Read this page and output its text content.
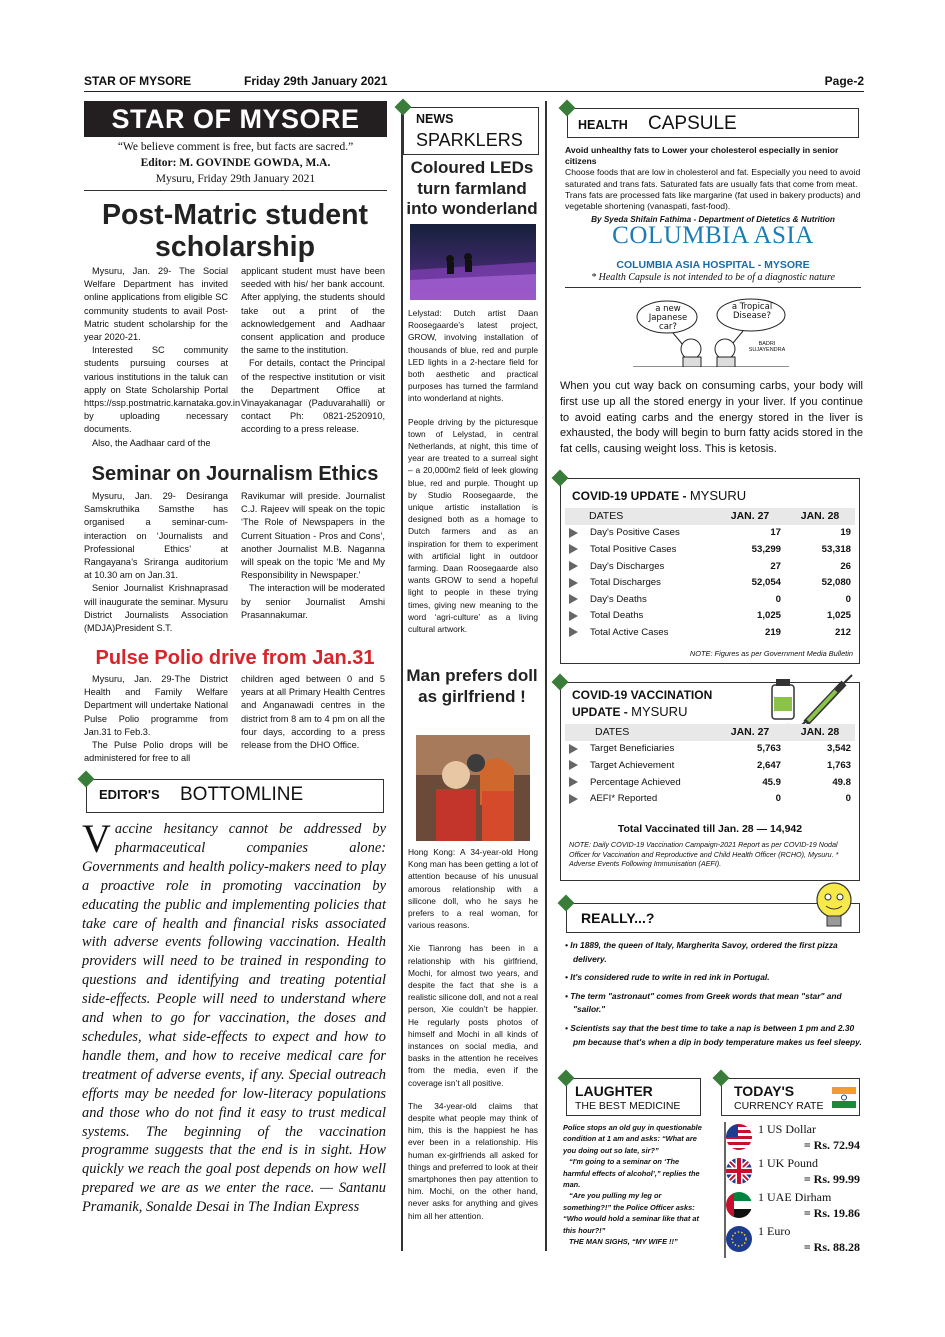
STAR OF MYSORE	Friday 29th January 2021	Page-2
STAR OF MYSORE
“We believe comment is free, but facts are sacred.”
Editor: M. GOVINDE GOWDA, M.A.
Mysuru, Friday 29th January 2021
Post-Matric student
scholarship

Mysuru, Jan. 29- The Social Welfare Department has invited online applications from eligible SC community students to avail Post-Matric student scholarship for the year 2020-21.

Interested SC community students pursuing courses at various institutions in the taluk can apply on State Scholarship Portal https://ssp.postmatric.karnataka.gov.in by uploading necessary documents.

Also, the Aadhaar card of the

applicant student must have been seeded with his/ her bank account. After applying, the students should take out a print of the acknowledgement and Aadhaar consent application and produce the same to the institution.

For details, contact the Principal of the respective institution or visit the Department Office at Vinayakanagar (Paduvarahalli) or contact Ph: 0821-2520910, according to a press release.

Seminar on Journalism Ethics

Mysuru, Jan. 29- Desiranga Samskruthika Samsthe has organised a seminar-cum-interaction on ‘Journalists and Professional Ethics’ at Rangayana’s Sriranga auditorium at 10.30 am on Jan.31.

Senior Journalist Krishnaprasad will inaugurate the seminar. Mysuru District Journalists Association (MDJA)President S.T.

Ravikumar will preside. Journalist C.J. Rajeev will speak on the topic ‘The Role of Newspapers in the Current Situation - Pros and Cons’, another Journalist M.B. Naganna will speak on the topic ‘Me and My Responsibility in Newspaper.’

The interaction will be moderated by senior Journalist Amshi Prasannakumar.

Pulse Polio drive from Jan.31

Mysuru, Jan. 29-The District Health and Family Welfare Department will undertake National Pulse Polio programme from Jan.31 to Feb.3.

The Pulse Polio drops will be administered for free to all

children aged between 0 and 5 years at all Primary Health Centres and Anganawadi centres in the district from 8 am to 4 pm on all the four days, according to a press release from the DHO Office.

EDITOR'S BOTTOMLINE
Vaccine hesitancy cannot be addressed by pharmaceutical companies alone: Governments and health policy-makers need to play a proactive role in promoting vaccination by educating the public and implementing policies that take care of health and financial risks associated with adverse events following vaccination. Health providers will need to be trained in responding to questions and identifying and treating potential side-effects. People will need to understand where and when to go for vaccination, the doses and schedules, what side-effects to expect and how to handle them, and how to receive medical care for treatment of adverse events, if any. Special outreach efforts may be needed for low-literacy populations and those who do not find it easy to trust medical systems. The beginning of the vaccination programme suggests that the end is in sight. How quickly we reach the goal post depends on how well prepared we are as we enter the race. — Santanu Pramanik, Sonalde Desai in The Indian Express
NEWS
SPARKLERS
Coloured LEDs turn farmland into wonderland

Lelystad: Dutch artist Daan Roosegaarde’s latest project, GROW, involving installation of thousands of blue, red and purple LED lights in a 2-hectare field for both aesthetic and practical purposes has turned the farmland into wonderland at nights.

People driving by the picturesque town of Lelystad, in central Netherlands, at night, this time of year are treated to a surreal sight – a 20,000m2 field of leek glowing blue, red and purple. Thought up by Studio Roosegaarde, the unique artistic installation is designed both as a homage to Dutch farmers and as an inspiration for them to experiment with artificial light in outdoor farming. Daan Roosegaarde also wants GROW to send a hopeful light to people in these trying times, giving new meaning to the word ‘agri-culture’ as a living cultural artwork.

Man prefers doll as girlfriend !

Hong Kong: A 34-year-old Hong Kong man has been getting a lot of attention because of his unusual amorous relationship with a silicone doll, who he says he prefers to a real woman, for various reasons.

Xie Tianrong has been in a relationship with his girlfriend, Mochi, for almost two years, and despite the fact that she is a realistic silicone doll, and not a real person, Xie couldn’t be happier. He regularly posts photos of himself and Mochi in all kinds of instances on social media, and basks in the attention he receives from the media, even if the coverage isn’t all positive.

The 34-year-old claims that despite what people may think of him, this is the happiest he has ever been in a relationship. His human ex-girlfriends all asked for things and preferred to look at their smartphones then pay attention to him. Mochi, on the other hand, never asks for anything and gives him all her attention.

HEALTH CAPSULE

Avoid unhealthy fats to Lower your cholesterol especially in senior citizens

Choose foods that are low in cholesterol and fat. Especially you need to avoid saturated and trans fats. Saturated fats are usually fats that come from meat. Trans fats are processed fats like margarine (fat used in bakery products) and vegetable shortening (vanaspati, fast-food).

By Syeda Shifain Fathima - Department of Dietetics & Nutrition

COLUMBIA ASIA
COLUMBIA ASIA HOSPITAL - MYSORE
* Health Capsule is not intended to be of a diagnostic nature
a new Japanese car?
a Tropical Disease?
BADRI SUJAYENDRA
When you cut way back on consuming carbs, your body will first use up all the stored energy in your liver. If you continue to avoid eating carbs and the energy stored in the liver is exhausted, the body will begin to burn fatty acids stored in the fat cells, causing weight loss. This is ketosis.
COVID-19 UPDATE - MYSURU
DATES	JAN. 27	JAN. 28
Day's Positive Cases	17	19
Total Positive Cases	53,299	53,318
Day's Discharges	27	26
Total Discharges	52,054	52,080
Day's Deaths	0	0
Total Deaths	1,025	1,025
Total Active Cases	219	212
NOTE: Figures as per Government Media Bulletin
COVID-19 VACCINATION
UPDATE - MYSURU
DATES	JAN. 27	JAN. 28
Target Beneficiaries	5,763	3,542
Target Achievement	2,647	1,763
Percentage Achieved	45.9	49.8
AEFI* Reported	0	0
Total Vaccinated till Jan. 28 — 14,942
NOTE: Daily COVID-19 Vaccination Campaign-2021 Report as per COVID-19 Nodal Officer for Vaccination and Reproductive and Child Health Officer (RCHO), Mysuru. * Adverse Events Following Immunisation (AEFI).
REALLY...?
• In 1889, the queen of Italy, Margherita Savoy, ordered the first pizza delivery.
• It's considered rude to write in red ink in Portugal.
• The term "astronaut" comes from Greek words that mean "star" and "sailor."
• Scientists say that the best time to take a nap is between 1 pm and 2.30 pm because that's when a dip in body temperature makes us feel sleepy.
LAUGHTER
THE BEST MEDICINE

Police stops an old guy in questionable condition at 1 am and asks: “What are you doing out so late, sir?”

“I'm going to a seminar on ‘The harmful effects of alcohol’,” replies the man.

“Are you pulling my leg or something?!” the Police Officer asks: “Who would hold a seminar like that at this hour?!”

THE MAN SIGHS, “MY WIFE !!”

TODAY'S
CURRENCY RATE
1 US Dollar
= Rs. 72.94
1 UK Pound
= Rs. 99.99
1 UAE Dirham
= Rs. 19.86
1 Euro
= Rs. 88.28
